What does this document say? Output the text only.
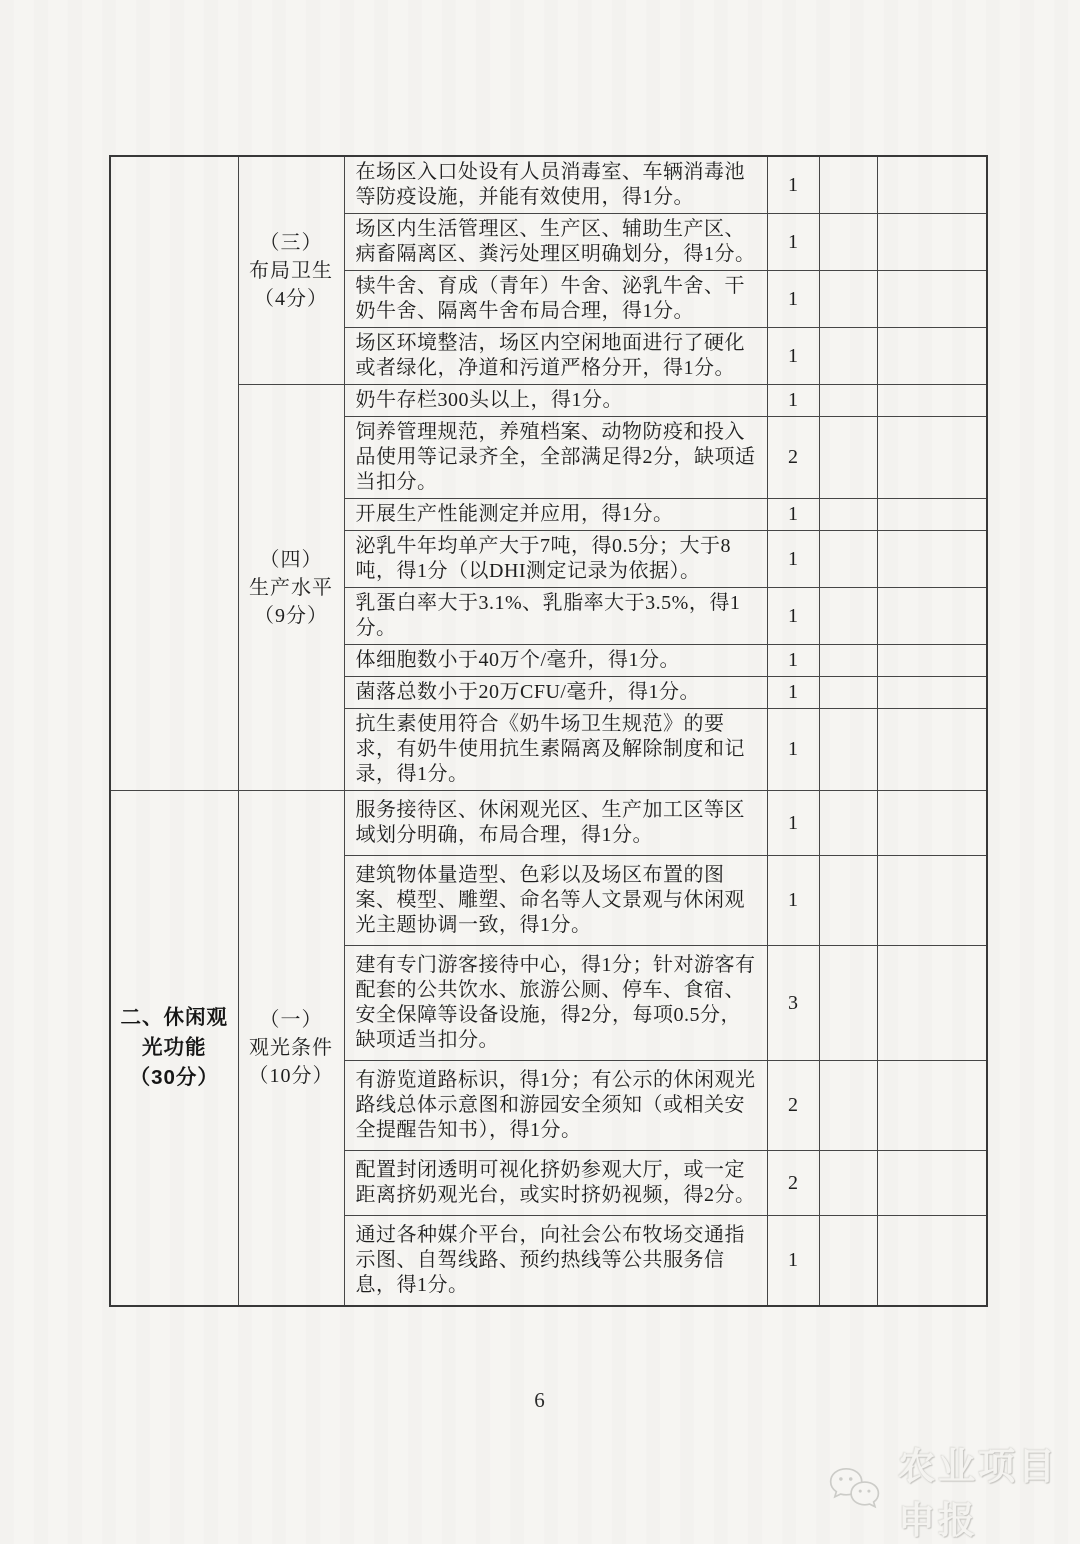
	（三）
布局卫生
（4分）	在场区入口处设有人员消毒室、车辆消毒池等防疫设施，并能有效使用，得1分。	1		
		场区内生活管理区、生产区、辅助生产区、病畜隔离区、粪污处理区明确划分，得1分。	1		
		犊牛舍、育成（青年）牛舍、泌乳牛舍、干奶牛舍、隔离牛舍布局合理，得1分。	1		
		场区环境整洁，场区内空闲地面进行了硬化或者绿化，净道和污道严格分开，得1分。	1		
	（四）
生产水平
（9分）	奶牛存栏300头以上，得1分。	1		
		饲养管理规范，养殖档案、动物防疫和投入品使用等记录齐全，全部满足得2分，缺项适当扣分。	2		
		开展生产性能测定并应用，得1分。	1		
		泌乳牛年均单产大于7吨，得0.5分；大于8吨，得1分（以DHI测定记录为依据）。	1		
		乳蛋白率大于3.1%、乳脂率大于3.5%，得1分。	1		
		体细胞数小于40万个/毫升，得1分。	1		
		菌落总数小于20万CFU/毫升，得1分。	1		
		抗生素使用符合《奶牛场卫生规范》的要求，有奶牛使用抗生素隔离及解除制度和记录，得1分。	1		
二、休闲观
光功能
（30分）	（一）
观光条件
（10分）	服务接待区、休闲观光区、生产加工区等区域划分明确，布局合理，得1分。	1		
		建筑物体量造型、色彩以及场区布置的图案、模型、雕塑、命名等人文景观与休闲观光主题协调一致，得1分。	1		
		建有专门游客接待中心，得1分；针对游客有配套的公共饮水、旅游公厕、停车、食宿、安全保障等设备设施，得2分，每项0.5分，缺项适当扣分。	3		
		有游览道路标识，得1分；有公示的休闲观光路线总体示意图和游园安全须知（或相关安全提醒告知书），得1分。	2		
		配置封闭透明可视化挤奶参观大厅，或一定距离挤奶观光台，或实时挤奶视频，得2分。	2		
		通过各种媒介平台，向社会公布牧场交通指示图、自驾线路、预约热线等公共服务信息，得1分。	1		
6
农业项目申报
